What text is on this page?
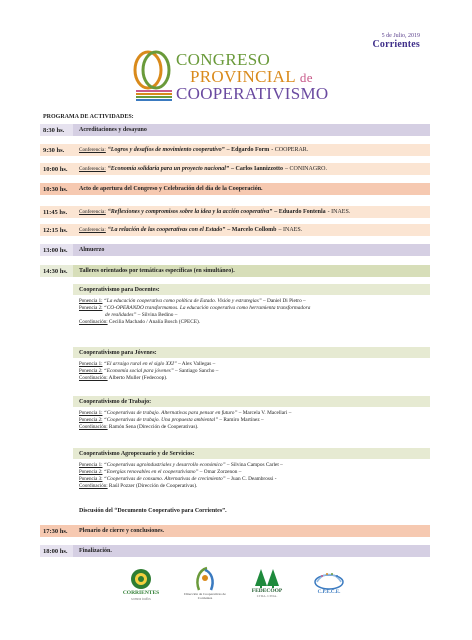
5 de Julio, 2019
Corrientes
CONGRESO
PROVINCIAL de
COOPERATIVISMO
PROGRAMA DE ACTIVIDADES:
8:30 hs.	Acreditaciones y desayuno
9:30 hs.	Conferencia: “Logros y desafíos de movimiento cooperativo” – Edgardo Form - COOPERAR.
10:00 hs.	Conferencia: “Economía solidaria para un proyecto nacional” – Carlos Iannizzotto – CONINAGRO.
10:30 hs.	Acto de apertura del Congreso y Celebración del día de la Cooperación.
11:45 hs.	Conferencia: “Reflexiones y compromisos sobre la idea y la acción cooperativa” – Eduardo Fontenla - INAES.
12:15 hs.	Conferencia: “La relación de las cooperativas con el Estado” – Marcelo Collomb – INAES.
13:00 hs.	Almuerzo
14:30 hs.	Talleres orientados por temáticas específicas (en simultáneo).
Cooperativismo para Docentes:
Ponencia 1: “La educación cooperativa como política de Estado. Visión y estrategias” – Daniel Di Pietro –
Ponencia 2: “CO-OPERANDO transformamos. La educación cooperativa como herramienta transformadora
de realidades” – Silvina Bedino –
Coordinación: Cecilia Machado / Analía Bosch (CPECE).
Cooperativismo para Jóvenes:
Ponencia 1: “El arraigo rural en el siglo XXI” – Alex Vallegas –
Ponencia 2: “Economía social para jóvenes” – Santiago Sancho –
Coordinación: Alberto Muller (Fedecoop).
Cooperativismo de Trabajo:
Ponencia 1: “Cooperativas de trabajo. Alternativas para pensar en futuro” – Marcela V. Macellari –
Ponencia 2: “Cooperativas de trabajo. Una propuesta ambiental” – Ramiro Martínez –
Coordinación: Ramón Sena (Dirección de Cooperativas).
Cooperativismo Agropecuario y de Servicios:
Ponencia 1: “Cooperativas agroindustriales y desarrollo económico” – Silvina Campos Carlet –
Ponencia 2: “Energías renovables en el cooperativismo” – Omar Zorzenon –
Ponencia 3: “Cooperativas de consumo. Alternativas de crecimiento” – Juan C. Deambrossi -
Coordinación: Raúl Pozzer (Dirección de Cooperativas).
Discusión del “Documento Cooperativo para Corrientes”.
17:30 hs.	Plenario de cierre y conclusiones.
18:00 hs.	Finalización.
CORRIENTES
somos todos
Dirección de Cooperativas de Corrientes
FEDECOOP
LTDA. LTDA.
C.P.E.C.E.
